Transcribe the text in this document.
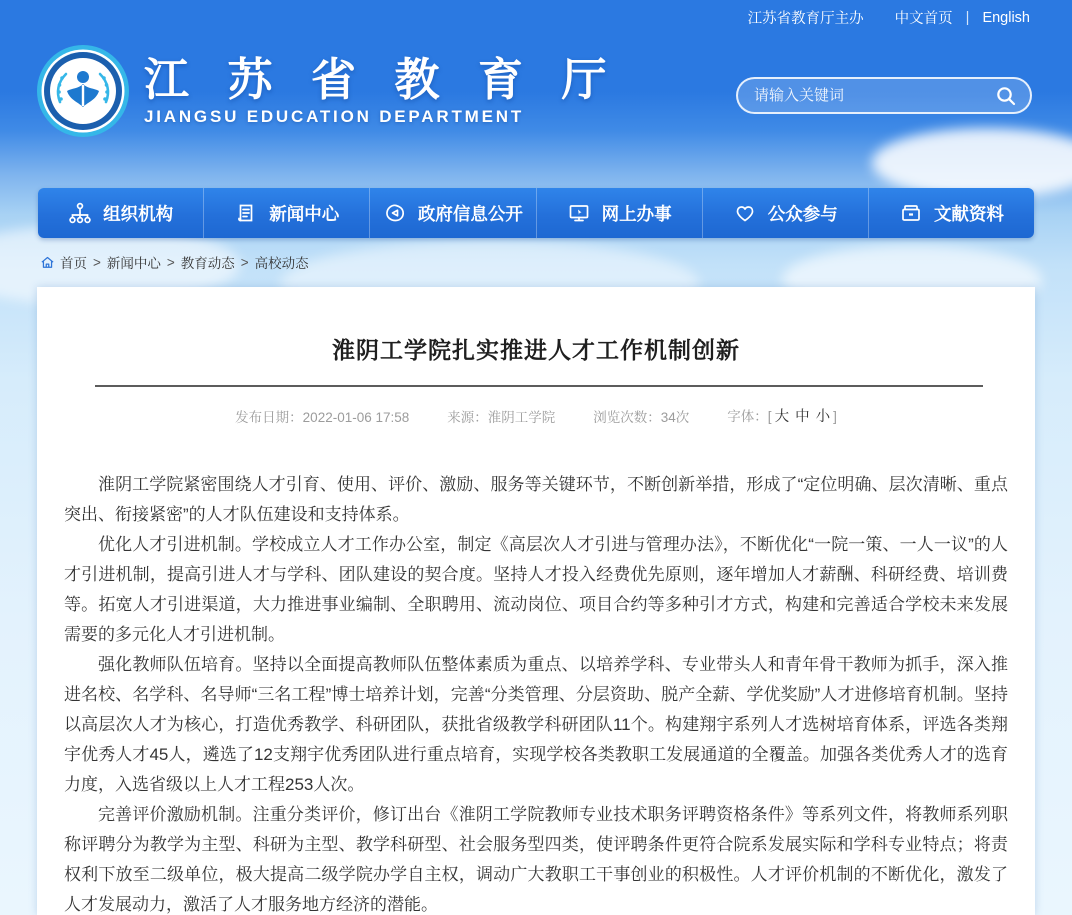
江苏省教育厅主办 中文首页 | English
江 苏 省 教 育 厅
JIANGSU EDUCATION DEPARTMENT
请输入关键词
组织机构	新闻中心	政府信息公开	网上办事	公众参与	文献资料
首页 > 新闻中心 > 教育动态 > 高校动态
淮阴工学院扎实推进人才工作机制创新
发布日期：2022-01-06 17:58	来源：淮阴工学院	浏览次数：34次	字体：[ 大 中 小 ]

淮阴工学院紧密围绕人才引育、使用、评价、激励、服务等关键环节，不断创新举措，形成了“定位明确、层次清晰、重点突出、衔接紧密”的人才队伍建设和支持体系。

优化人才引进机制。学校成立人才工作办公室，制定《高层次人才引进与管理办法》，不断优化“一院一策、一人一议”的人才引进机制，提高引进人才与学科、团队建设的契合度。坚持人才投入经费优先原则，逐年增加人才薪酬、科研经费、培训费等。拓宽人才引进渠道，大力推进事业编制、全职聘用、流动岗位、项目合约等多种引才方式，构建和完善适合学校未来发展需要的多元化人才引进机制。

强化教师队伍培育。坚持以全面提高教师队伍整体素质为重点、以培养学科、专业带头人和青年骨干教师为抓手，深入推进名校、名学科、名导师“三名工程”博士培养计划，完善“分类管理、分层资助、脱产全薪、学优奖励”人才进修培育机制。坚持以高层次人才为核心，打造优秀教学、科研团队，获批省级教学科研团队11个。构建翔宇系列人才选树培育体系，评选各类翔宇优秀人才45人，遴选了12支翔宇优秀团队进行重点培育，实现学校各类教职工发展通道的全覆盖。加强各类优秀人才的选育力度，入选省级以上人才工程253人次。

完善评价激励机制。注重分类评价，修订出台《淮阴工学院教师专业技术职务评聘资格条件》等系列文件，将教师系列职称评聘分为教学为主型、科研为主型、教学科研型、社会服务型四类，使评聘条件更符合院系发展实际和学科专业特点；将责权利下放至二级单位，极大提高二级学院办学自主权，调动广大教职工干事创业的积极性。人才评价机制的不断优化，激发了人才发展动力，激活了人才服务地方经济的潜能。
